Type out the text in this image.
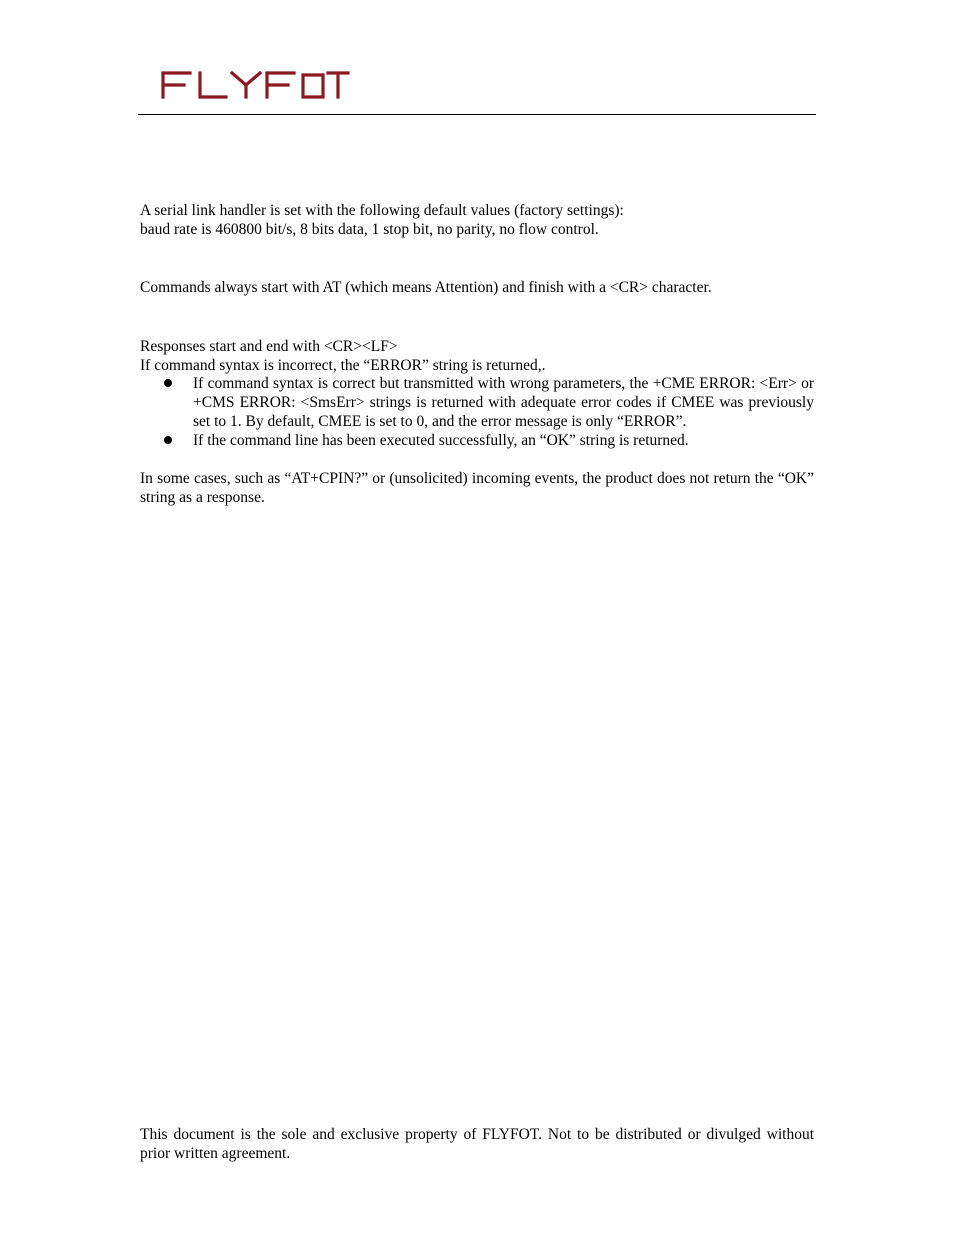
A serial link handler is set with the following default values (factory settings):
baud rate is 460800 bit/s, 8 bits data, 1 stop bit, no parity, no flow control.
Commands always start with AT (which means Attention) and finish with a <CR> character.
Responses start and end with <CR><LF>
If command syntax is incorrect, the “ERROR” string is returned,.
If command syntax is correct but transmitted with wrong parameters, the +CME ERROR: <Err> or +CMS ERROR: <SmsErr> strings is returned with adequate error codes if CMEE was previously set to 1. By default, CMEE is set to 0, and the error message is only “ERROR”.
If the command line has been executed successfully, an “OK” string is returned.
In some cases, such as “AT+CPIN?” or (unsolicited) incoming events, the product does not return the “OK” string as a response.
This document is the sole and exclusive property of FLYFOT. Not to be distributed or divulged without prior written agreement.
